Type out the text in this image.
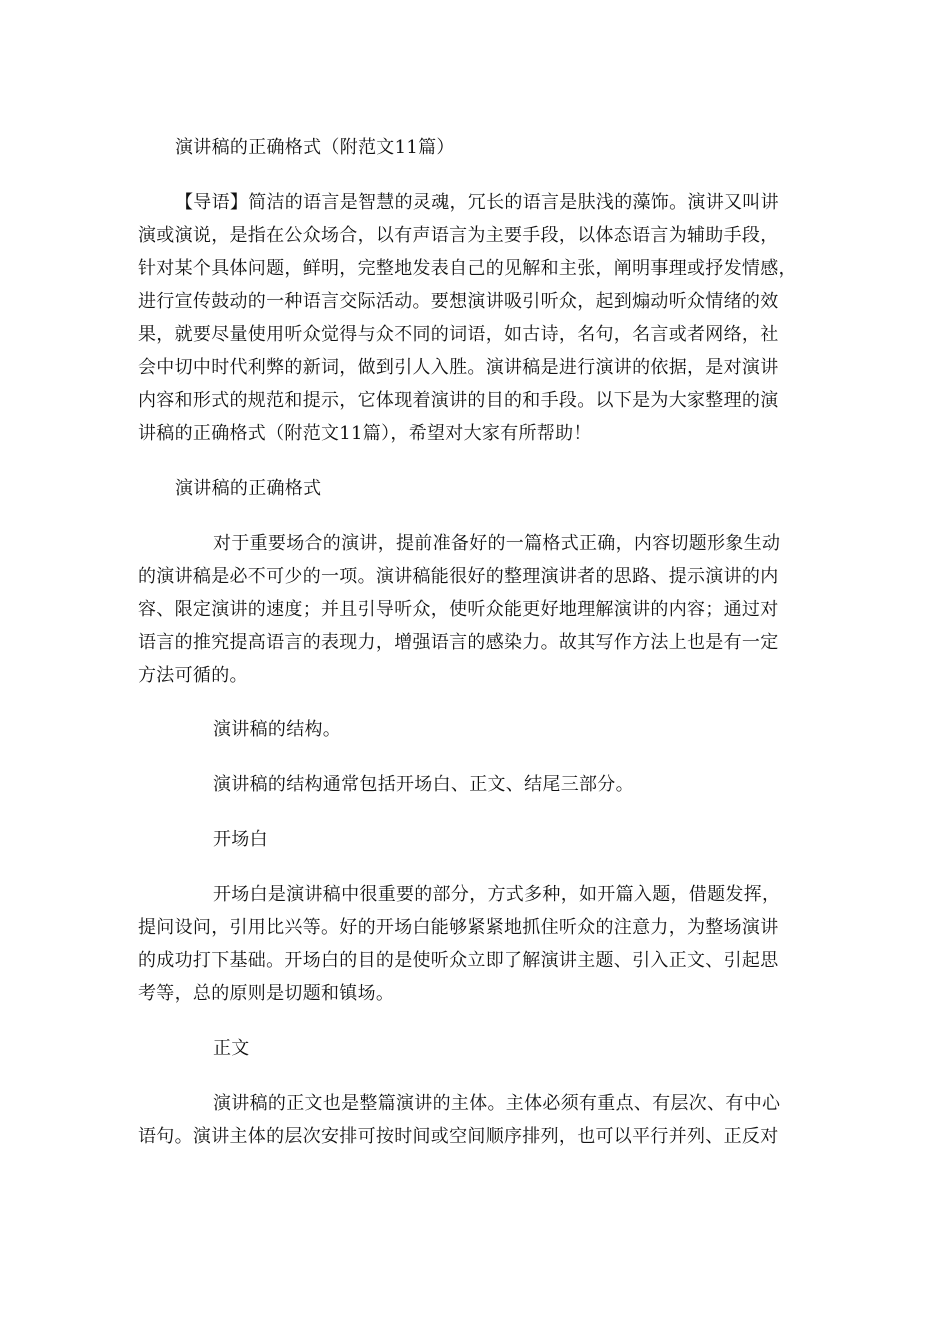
演讲稿的正确格式（附范文11篇）
【导语】简洁的语言是智慧的灵魂，冗长的语言是肤浅的藻饰。演讲又叫讲
演或演说，是指在公众场合，以有声语言为主要手段，以体态语言为辅助手段，
针对某个具体问题，鲜明，完整地发表自己的见解和主张，阐明事理或抒发情感，
进行宣传鼓动的一种语言交际活动。要想演讲吸引听众，起到煽动听众情绪的效
果，就要尽量使用听众觉得与众不同的词语，如古诗，名句，名言或者网络，社
会中切中时代利弊的新词，做到引人入胜。演讲稿是进行演讲的依据，是对演讲
内容和形式的规范和提示，它体现着演讲的目的和手段。以下是为大家整理的演
讲稿的正确格式（附范文11篇），希望对大家有所帮助！
演讲稿的正确格式
对于重要场合的演讲，提前准备好的一篇格式正确，内容切题形象生动
的演讲稿是必不可少的一项。演讲稿能很好的整理演讲者的思路、提示演讲的内
容、限定演讲的速度；并且引导听众，使听众能更好地理解演讲的内容；通过对
语言的推究提高语言的表现力，增强语言的感染力。故其写作方法上也是有一定
方法可循的。
演讲稿的结构。
演讲稿的结构通常包括开场白、正文、结尾三部分。
开场白
开场白是演讲稿中很重要的部分，方式多种，如开篇入题，借题发挥，
提问设问，引用比兴等。好的开场白能够紧紧地抓住听众的注意力，为整场演讲
的成功打下基础。开场白的目的是使听众立即了解演讲主题、引入正文、引起思
考等，总的原则是切题和镇场。
正文
演讲稿的正文也是整篇演讲的主体。主体必须有重点、有层次、有中心
语句。演讲主体的层次安排可按时间或空间顺序排列，也可以平行并列、正反对
